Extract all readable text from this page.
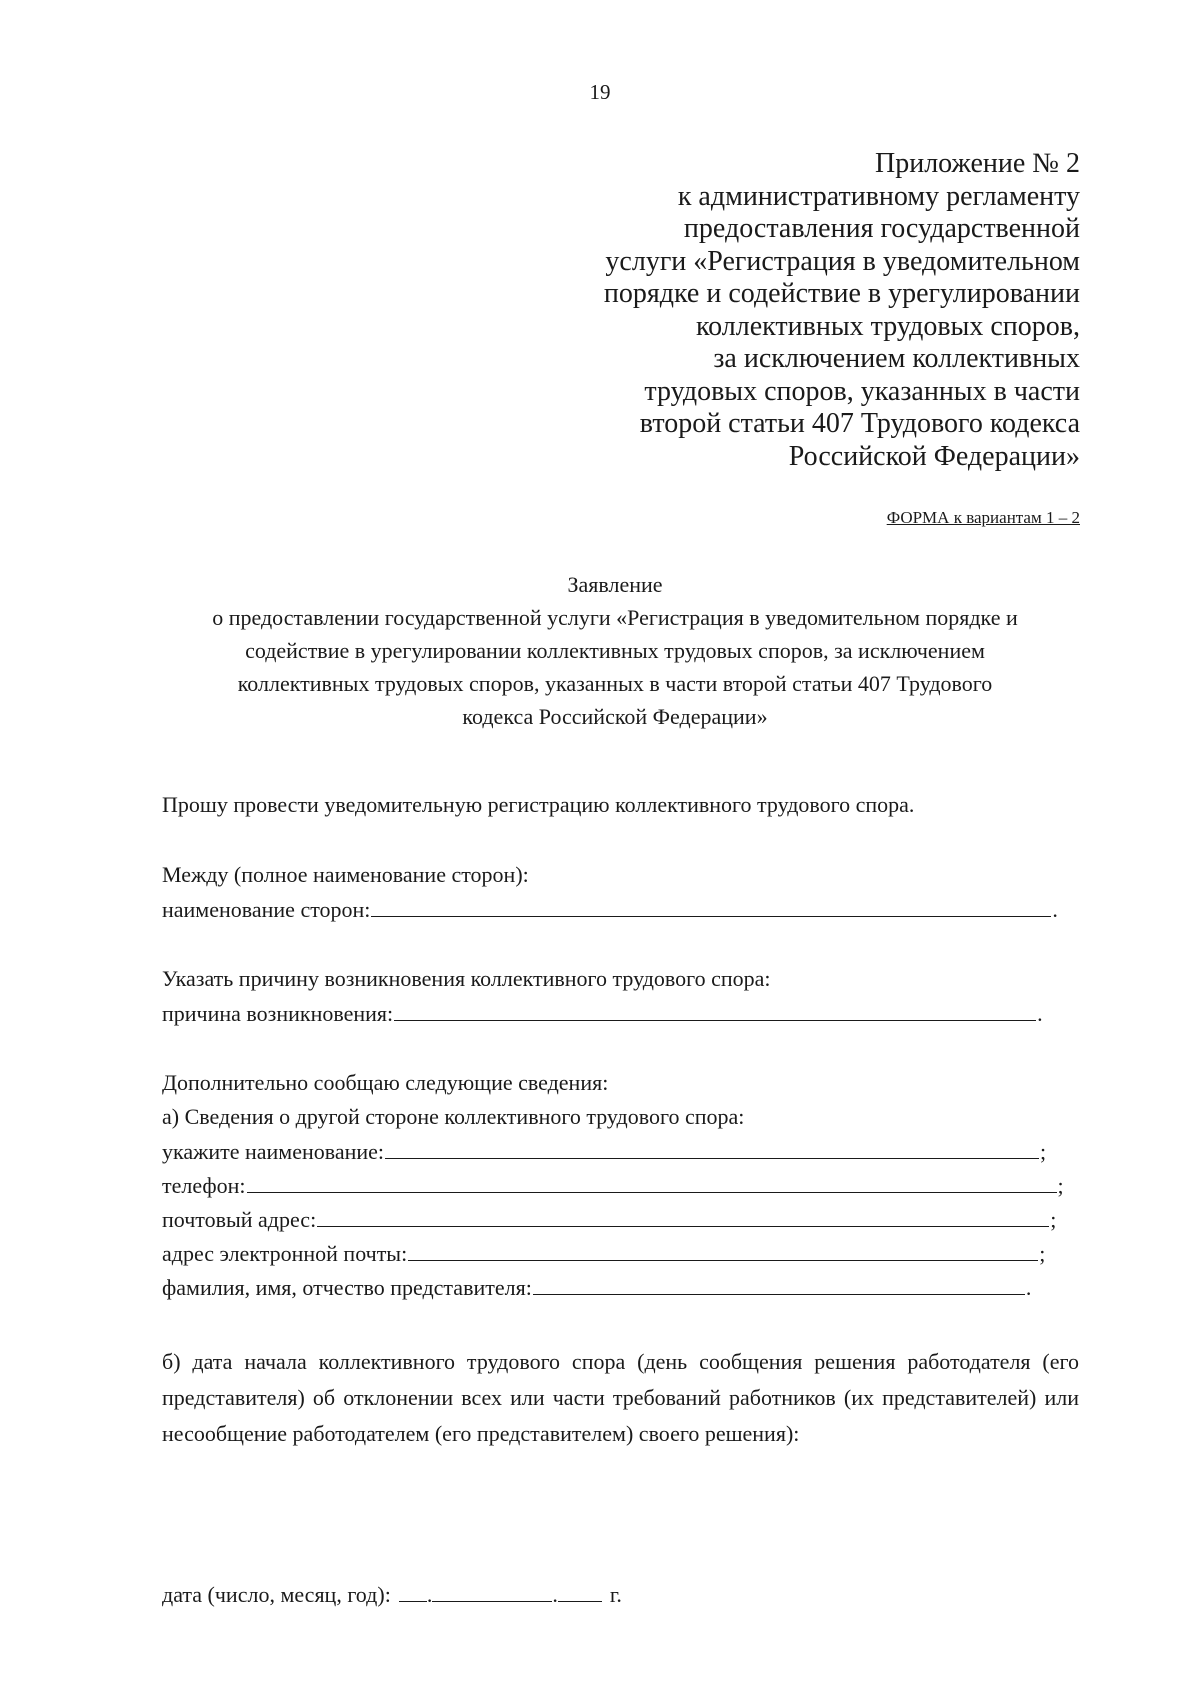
19
Приложение № 2
к административному регламенту
предоставления государственной
услуги «Регистрация в уведомительном
порядке и содействие в урегулировании
коллективных трудовых споров,
за исключением коллективных
трудовых споров, указанных в части
второй статьи 407 Трудового кодекса
Российской Федерации»
ФОРМА к вариантам 1 – 2
Заявление
о предоставлении государственной услуги «Регистрация в уведомительном порядке и
содействие в урегулировании коллективных трудовых споров, за исключением
коллективных трудовых споров, указанных в части второй статьи 407 Трудового
кодекса Российской Федерации»
Прошу провести уведомительную регистрацию коллективного трудового спора.
Между (полное наименование сторон):
наименование сторон:	.
Указать причину возникновения коллективного трудового спора:
причина возникновения:	.
Дополнительно сообщаю следующие сведения:
а) Сведения о другой стороне коллективного трудового спора:
укажите наименование:	;
телефон:	;
почтовый адрес:	;
адрес электронной почты:	;
фамилия, имя, отчество представителя:	.
б) дата начала коллективного трудового спора (день сообщения решения работодателя (его представителя) об отклонении всех или части требований работников (их представителей) или несообщение работодателем (его представителем) своего решения):
дата (число, месяц, год): .	. г.
